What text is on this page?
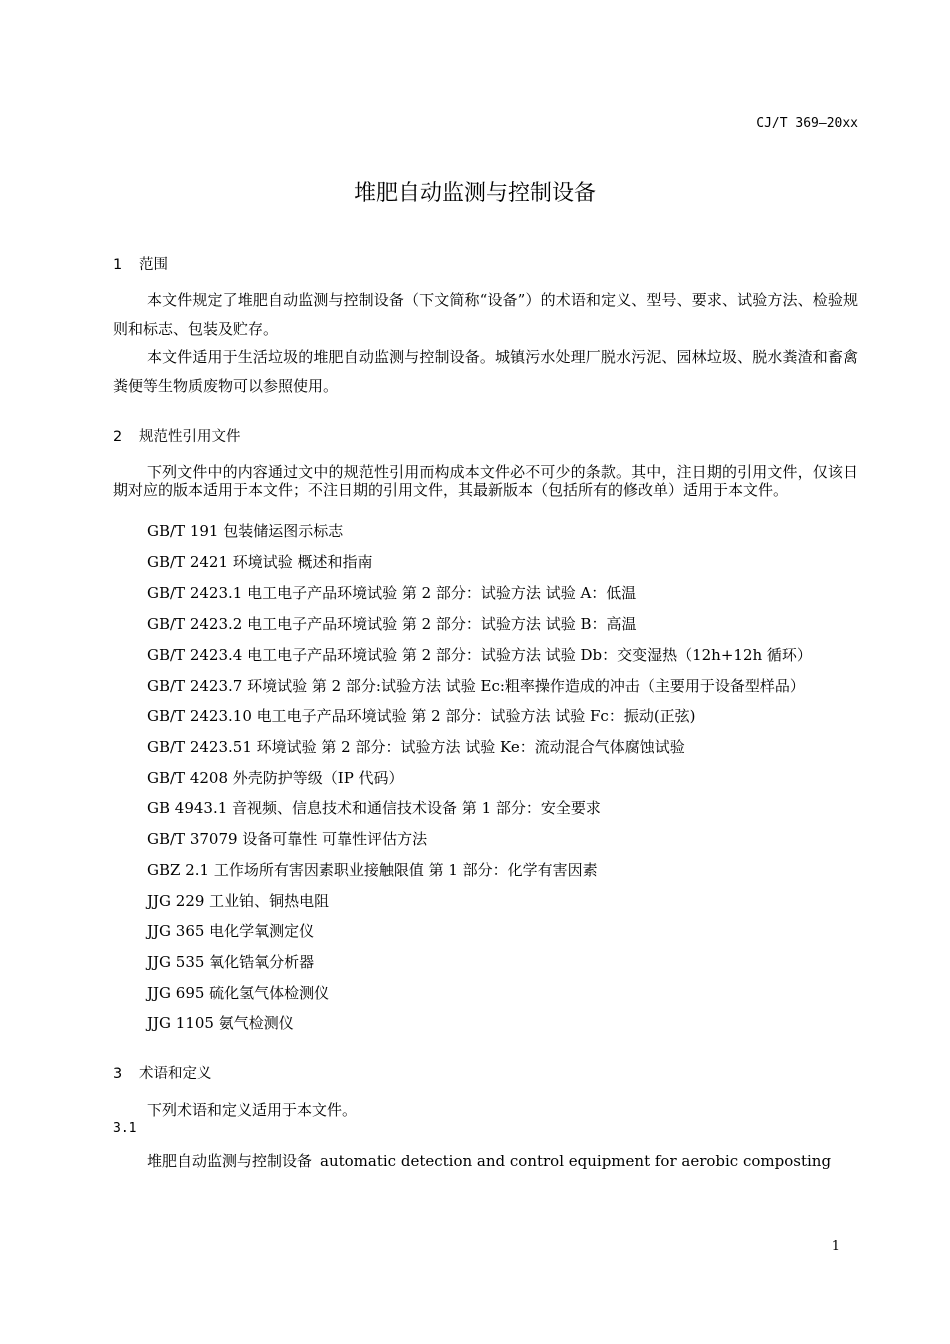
CJ/T 369—20xx
堆肥自动监测与控制设备
1 范围

本文件规定了堆肥自动监测与控制设备（下文简称“设备”）的术语和定义、型号、要求、试验方法、检验规则和标志、包装及贮存。

本文件适用于生活垃圾的堆肥自动监测与控制设备。城镇污水处理厂脱水污泥、园林垃圾、脱水粪渣和畜禽粪便等生物质废物可以参照使用。

2 规范性引用文件

下列文件中的内容通过文中的规范性引用而构成本文件必不可少的条款。其中，注日期的引用文件，仅该日期对应的版本适用于本文件；不注日期的引用文件，其最新版本（包括所有的修改单）适用于本文件。

GB/T 191 包装储运图示标志
GB/T 2421 环境试验 概述和指南
GB/T 2423.1 电工电子产品环境试验 第 2 部分：试验方法 试验 A：低温
GB/T 2423.2 电工电子产品环境试验 第 2 部分：试验方法 试验 B：高温
GB/T 2423.4 电工电子产品环境试验 第 2 部分：试验方法 试验 Db：交变湿热（12h+12h 循环）
GB/T 2423.7 环境试验 第 2 部分:试验方法 试验 Ec:粗率操作造成的冲击（主要用于设备型样品）
GB/T 2423.10 电工电子产品环境试验 第 2 部分：试验方法 试验 Fc：振动(正弦)
GB/T 2423.51 环境试验 第 2 部分：试验方法 试验 Ke：流动混合气体腐蚀试验
GB/T 4208 外壳防护等级（IP 代码）
GB 4943.1 音视频、信息技术和通信技术设备 第 1 部分：安全要求
GB/T 37079 设备可靠性 可靠性评估方法
GBZ 2.1 工作场所有害因素职业接触限值 第 1 部分：化学有害因素
JJG 229 工业铂、铜热电阻
JJG 365 电化学氧测定仪
JJG 535 氧化锆氧分析器
JJG 695 硫化氢气体检测仪
JJG 1105 氨气检测仪
3 术语和定义
下列术语和定义适用于本文件。
3.1
堆肥自动监测与控制设备 automatic detection and control equipment for aerobic composting
1
